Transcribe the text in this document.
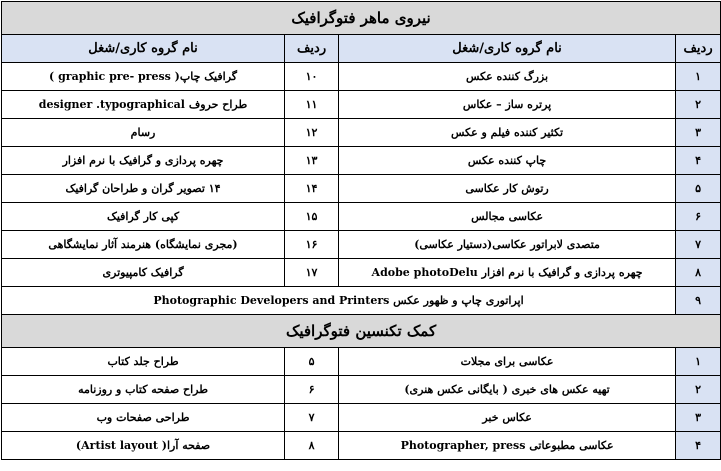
نیروی ماهر فتوگرافیک			
ردیف	نام گروه کاری/شغل	ردیف	نام گروه کاری/شغل
۱	بزرگ کننده عکس	۱۰	گرافیک چاپ( graphic pre- press )
۲	پرتره ساز – عکاس	۱۱	طراح حروف designer .typographical
۳	تکثیر کننده فیلم و عکس	۱۲	رسام
۴	چاپ کننده عکس	۱۳	چهره پردازی و گرافیک با نرم افزار
۵	رتوش کار عکاسی	۱۴	۱۴ تصویر گران و طراحان گرافیک
۶	عکاسی مجالس	۱۵	کپی کار گرافیک
۷	متصدی لابراتور عکاسی(دستیار عکاسی)	۱۶	(مجری نمایشگاه) هنرمند آثار نمایشگاهی
۸	چهره پردازی و گرافیک با نرم افزار Adobe photoDelu	۱۷	گرافیک کامپیوتری
۹	اپراتوری چاپ و ظهور عکس Photographic Developers and Printers		
کمک تکنسین فتوگرافیک			
۱	عکاسی برای مجلات	۵	طراح جلد کتاب
۲	تهیه عکس های خبری ( بایگانی عکس هنری)	۶	طراح صفحه کتاب و روزنامه
۳	عکاس خبر	۷	طراحی صفحات وب
۴	عکاسی مطبوعاتی Photographer, press	۸	صفحه آرا( Artist layout)
